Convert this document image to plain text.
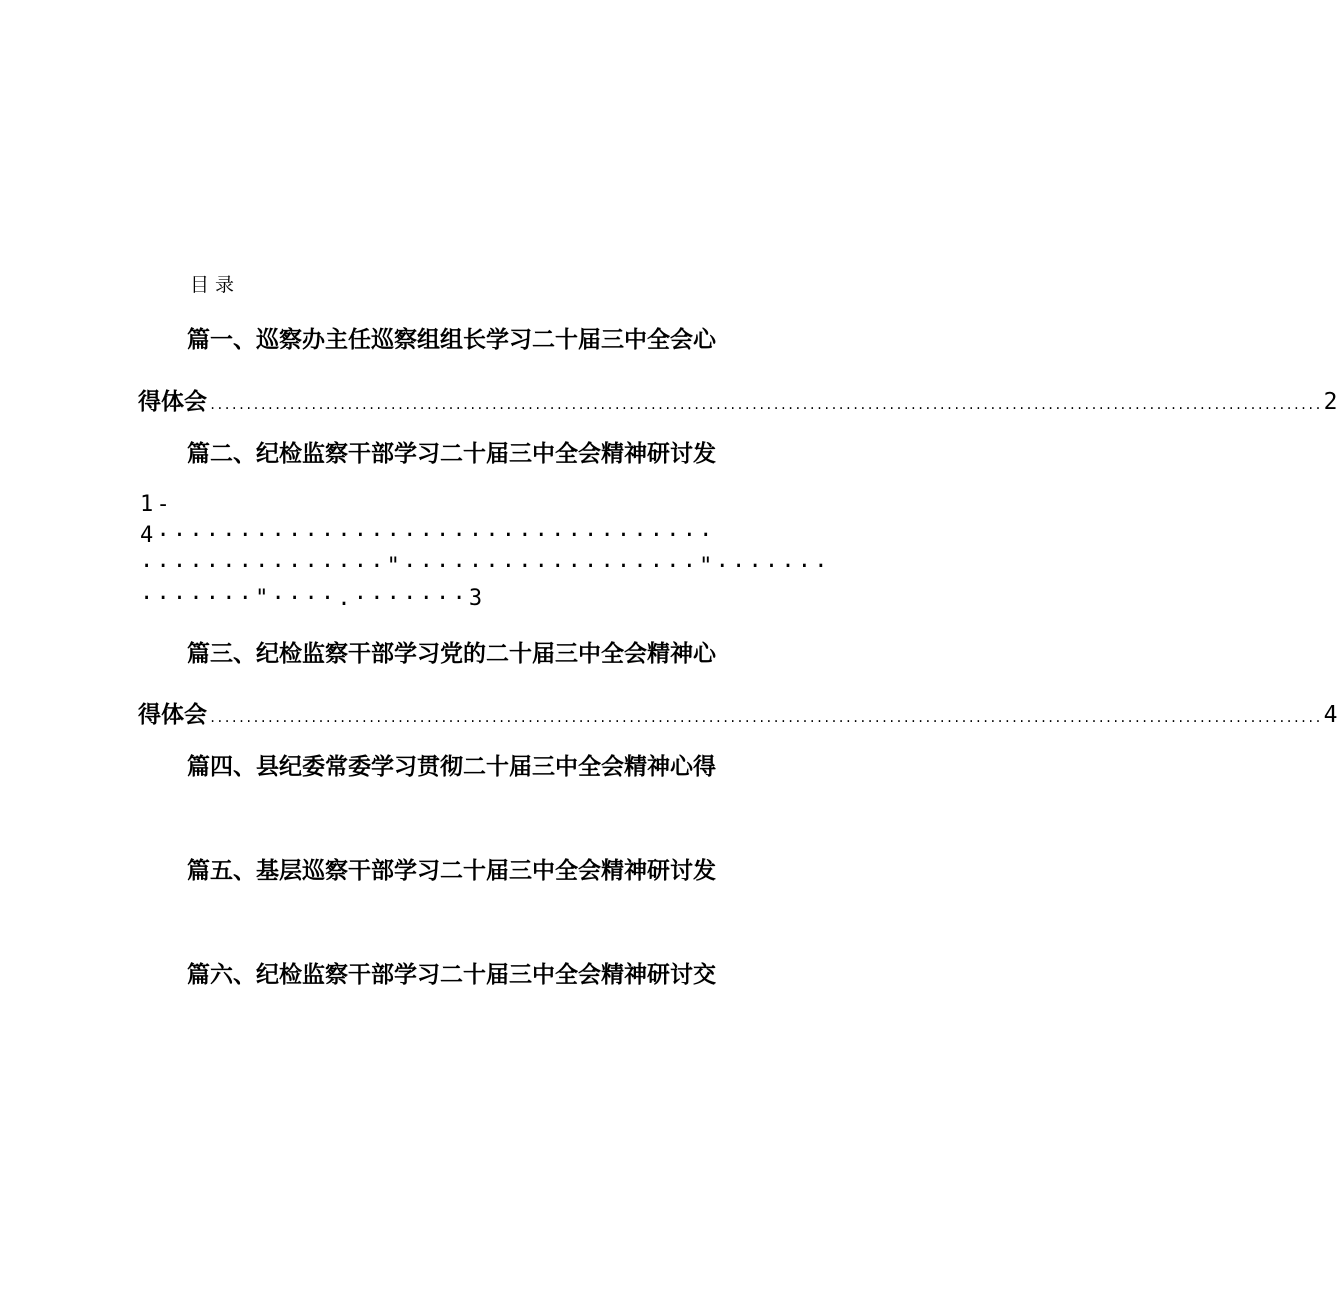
目录
篇一、巡察办主任巡察组组长学习二十届三中全会心
得体会 .......................................................................................................................................................... 2
篇二、纪检监察干部学习二十届三中全会精神研讨发
1-
4··································
···············"··················"·······
·······"····.·······3
篇三、纪检监察干部学习党的二十届三中全会精神心
得体会 .......................................................................................................................................................... 4
篇四、县纪委常委学习贯彻二十届三中全会精神心得
篇五、基层巡察干部学习二十届三中全会精神研讨发
篇六、纪检监察干部学习二十届三中全会精神研讨交
